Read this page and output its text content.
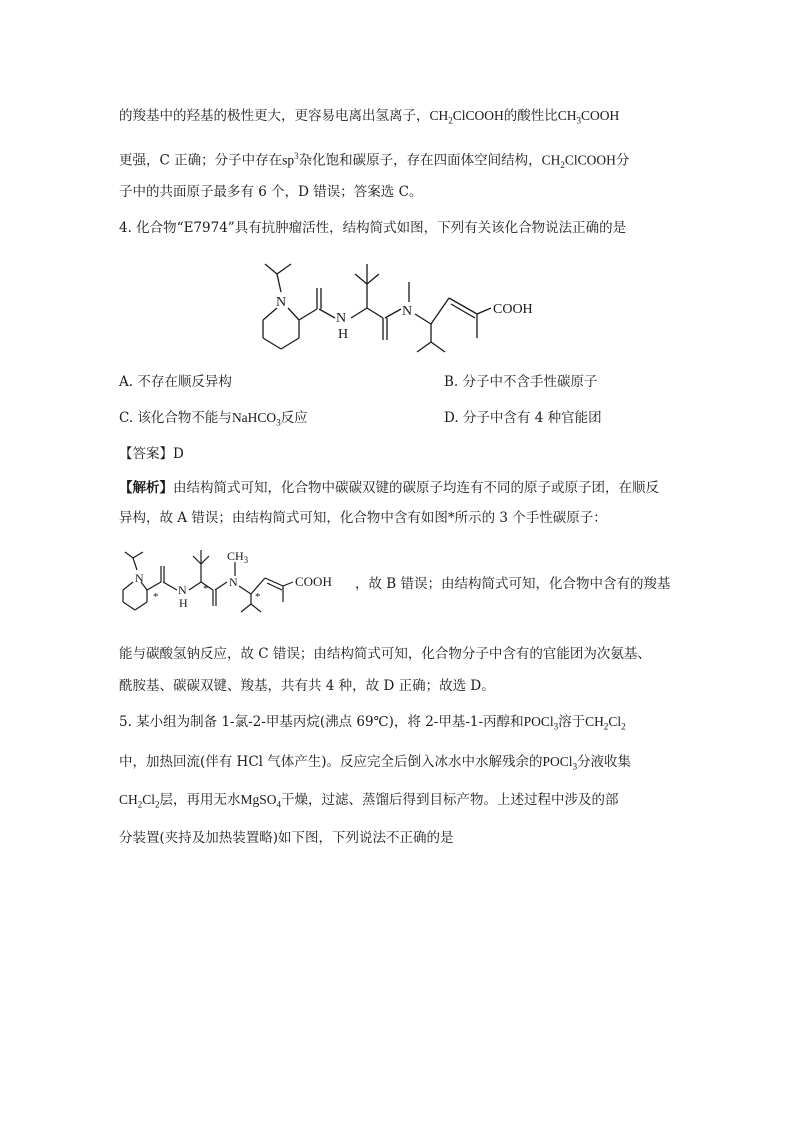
的羧基中的羟基的极性更大，更容易电离出氢离子，$CH_2ClCOOH$的酸性比$CH_3COOH$
更强，C 正确；分子中存在$sp^3$杂化饱和碳原子，存在四面体空间结构，$CH_2ClCOOH$分
子中的共面原子最多有 6 个，D 错误；答案选 C。
4. 化合物“E7974”具有抗肿瘤活性，结构简式如图，下列有关该化合物说法正确的是
N
N
H
N	COOH
A. 不存在顺反异构	B. 分子中不含手性碳原子
C. 该化合物不能与NaHCO$_3$反应	D. 分子中含有 4 种官能团
【答案】D
【解析】由结构简式可知，化合物中碳碳双键的碳原子均连有不同的原子或原子团，在顺反
异构，故 A 错误；由结构简式可知，化合物中含有如图*所示的 3 个手性碳原子：
N
N
H
N
$CH_3$
COOH
*
*
*
，故 B 错误；由结构简式可知，化合物中含有的羧基
能与碳酸氢钠反应，故 C 错误；由结构简式可知，化合物分子中含有的官能团为次氨基、
酰胺基、碳碳双键、羧基，共有共 4 种，故 D 正确；故选 D。
5. 某小组为制备 1-氯-2-甲基丙烷(沸点 69℃)，将 2-甲基-1-丙醇和POCl$_3$溶于$CH_2Cl_2$
中，加热回流(伴有 HCl 气体产生)。反应完全后倒入冰水中水解残余的POCl$_3$分液收集
$CH_2Cl_2$层，再用无水MgSO$_4$干燥，过滤、蒸馏后得到目标产物。上述过程中涉及的部
分装置(夹持及加热装置略)如下图，下列说法不正确的是
